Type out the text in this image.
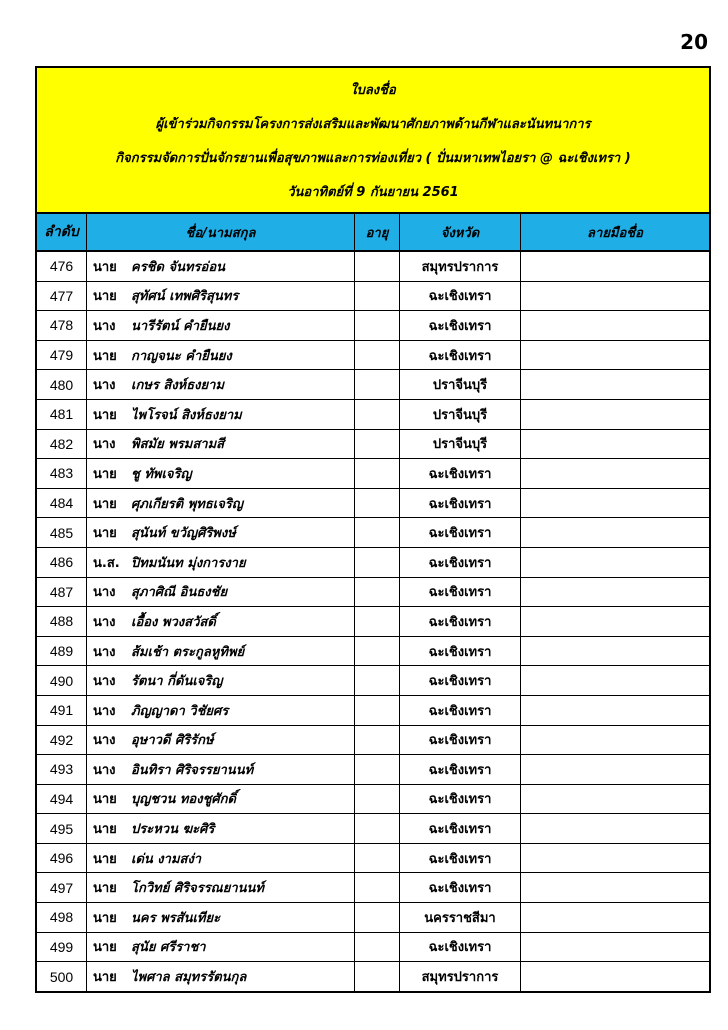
20
ใบลงชื่อ
ผู้เข้าร่วมกิจกรรมโครงการส่งเสริมและพัฒนาศักยภาพด้านกีฬาและนันทนาการ
กิจกรรมจัดการปั่นจักรยานเพื่อสุขภาพและการท่องเที่ยว ( ปั่นมหาเทพไอยรา @ ฉะเชิงเทรา )
วันอาทิตย์ที่ 9 กันยายน 2561
ลำดับ	ชื่อ/นามสกุล	อายุ	จังหวัด	ลายมือชื่อ
476	นาย ครชิด จันทรอ่อน		สมุทรปราการ	
477	นาย สุทัศน์ เทพศิริสุนทร		ฉะเชิงเทรา	
478	นาง นารีรัตน์ คำยืนยง		ฉะเชิงเทรา	
479	นาย กาญจนะ คำยืนยง		ฉะเชิงเทรา	
480	นาง เกษร สิงห์ธงยาม		ปราจีนบุรี	
481	นาย ไพโรจน์ สิงห์ธงยาม		ปราจีนบุรี	
482	นาง พิสมัย พรมสามสี		ปราจีนบุรี	
483	นาย ชู ทัพเจริญ		ฉะเชิงเทรา	
484	นาย ศุภเกียรติ พุทธเจริญ		ฉะเชิงเทรา	
485	นาย สุนันท์ ขวัญศิริพงษ์		ฉะเชิงเทรา	
486	น.ส. ปิทมนันท มุ่งการงาย		ฉะเชิงเทรา	
487	นาง สุภาศิณี อินธงชัย		ฉะเชิงเทรา	
488	นาง เอื้อง พวงสวัสดิ์		ฉะเชิงเทรา	
489	นาง ส้มเช้า ตระกูลหูทิพย์		ฉะเชิงเทรา	
490	นาง รัตนา กี่ดันเจริญ		ฉะเชิงเทรา	
491	นาง ภิญญาดา วิชัยศร		ฉะเชิงเทรา	
492	นาง อุษาวดี ศิริรักษ์		ฉะเชิงเทรา	
493	นาง อินทิรา ศิริจรรยานนท์		ฉะเชิงเทรา	
494	นาย บุญชวน ทองชูศักดิ์		ฉะเชิงเทรา	
495	นาย ประหวน ฆะศิริ		ฉะเชิงเทรา	
496	นาย เด่น งามสง่า		ฉะเชิงเทรา	
497	นาย โกวิทย์ ศิริจรรณยานนท์		ฉะเชิงเทรา	
498	นาย นคร พรสันเทียะ		นครราชสีมา	
499	นาย สุนัย ศรีราชา		ฉะเชิงเทรา	
500	นาย ไพศาล สมุทรรัตนกุล		สมุทรปราการ	
